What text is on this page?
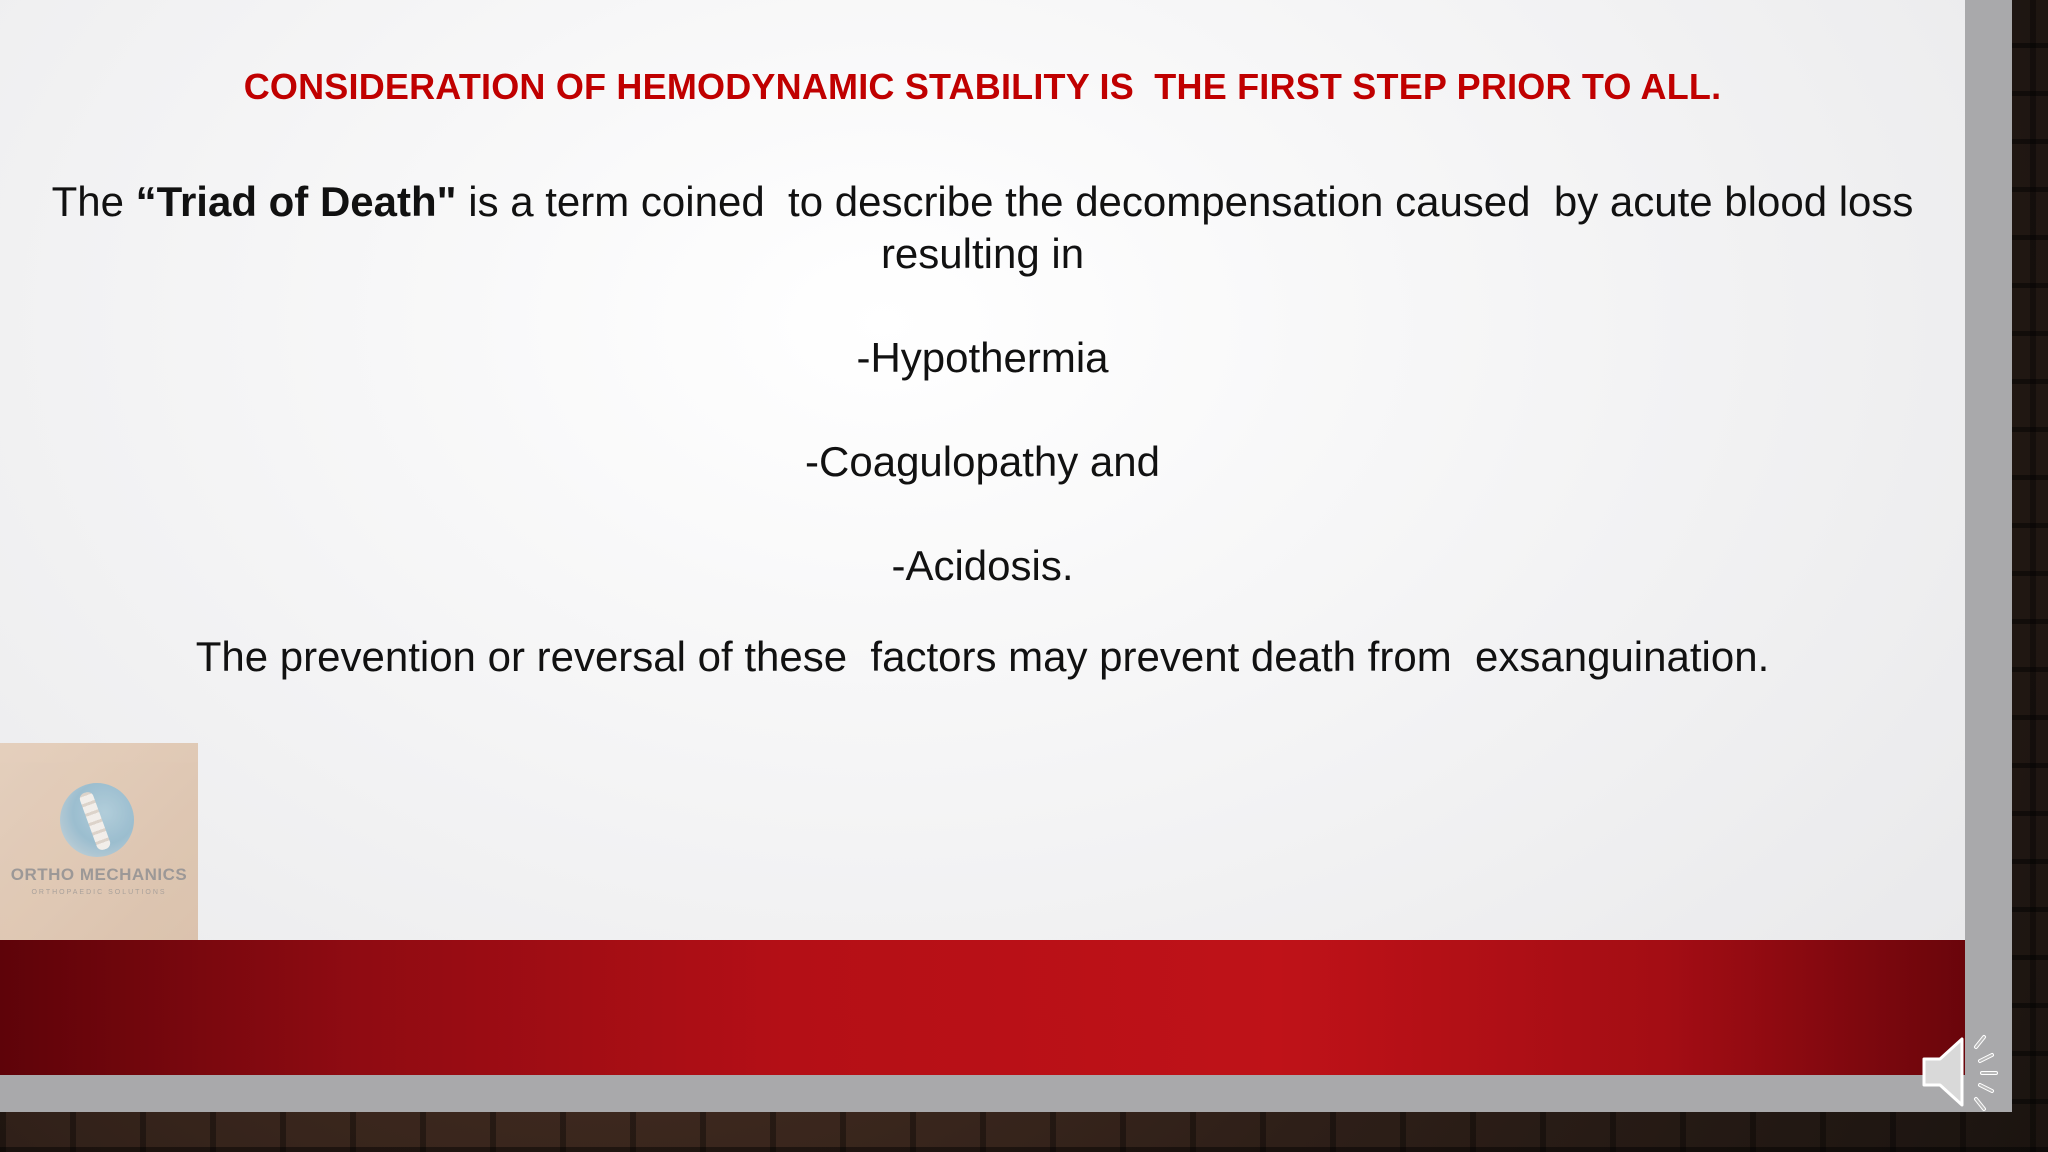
CONSIDERATION OF HEMODYNAMIC STABILITY IS  THE FIRST STEP PRIOR TO ALL.
The “Triad of Death" is a term coined  to describe the decompensation caused  by acute blood loss resulting in
-Hypothermia
-Coagulopathy and
-Acidosis.
The prevention or reversal of these  factors may prevent death from  exsanguination.
ORTHO MECHANICS
ORTHOPAEDIC SOLUTIONS
